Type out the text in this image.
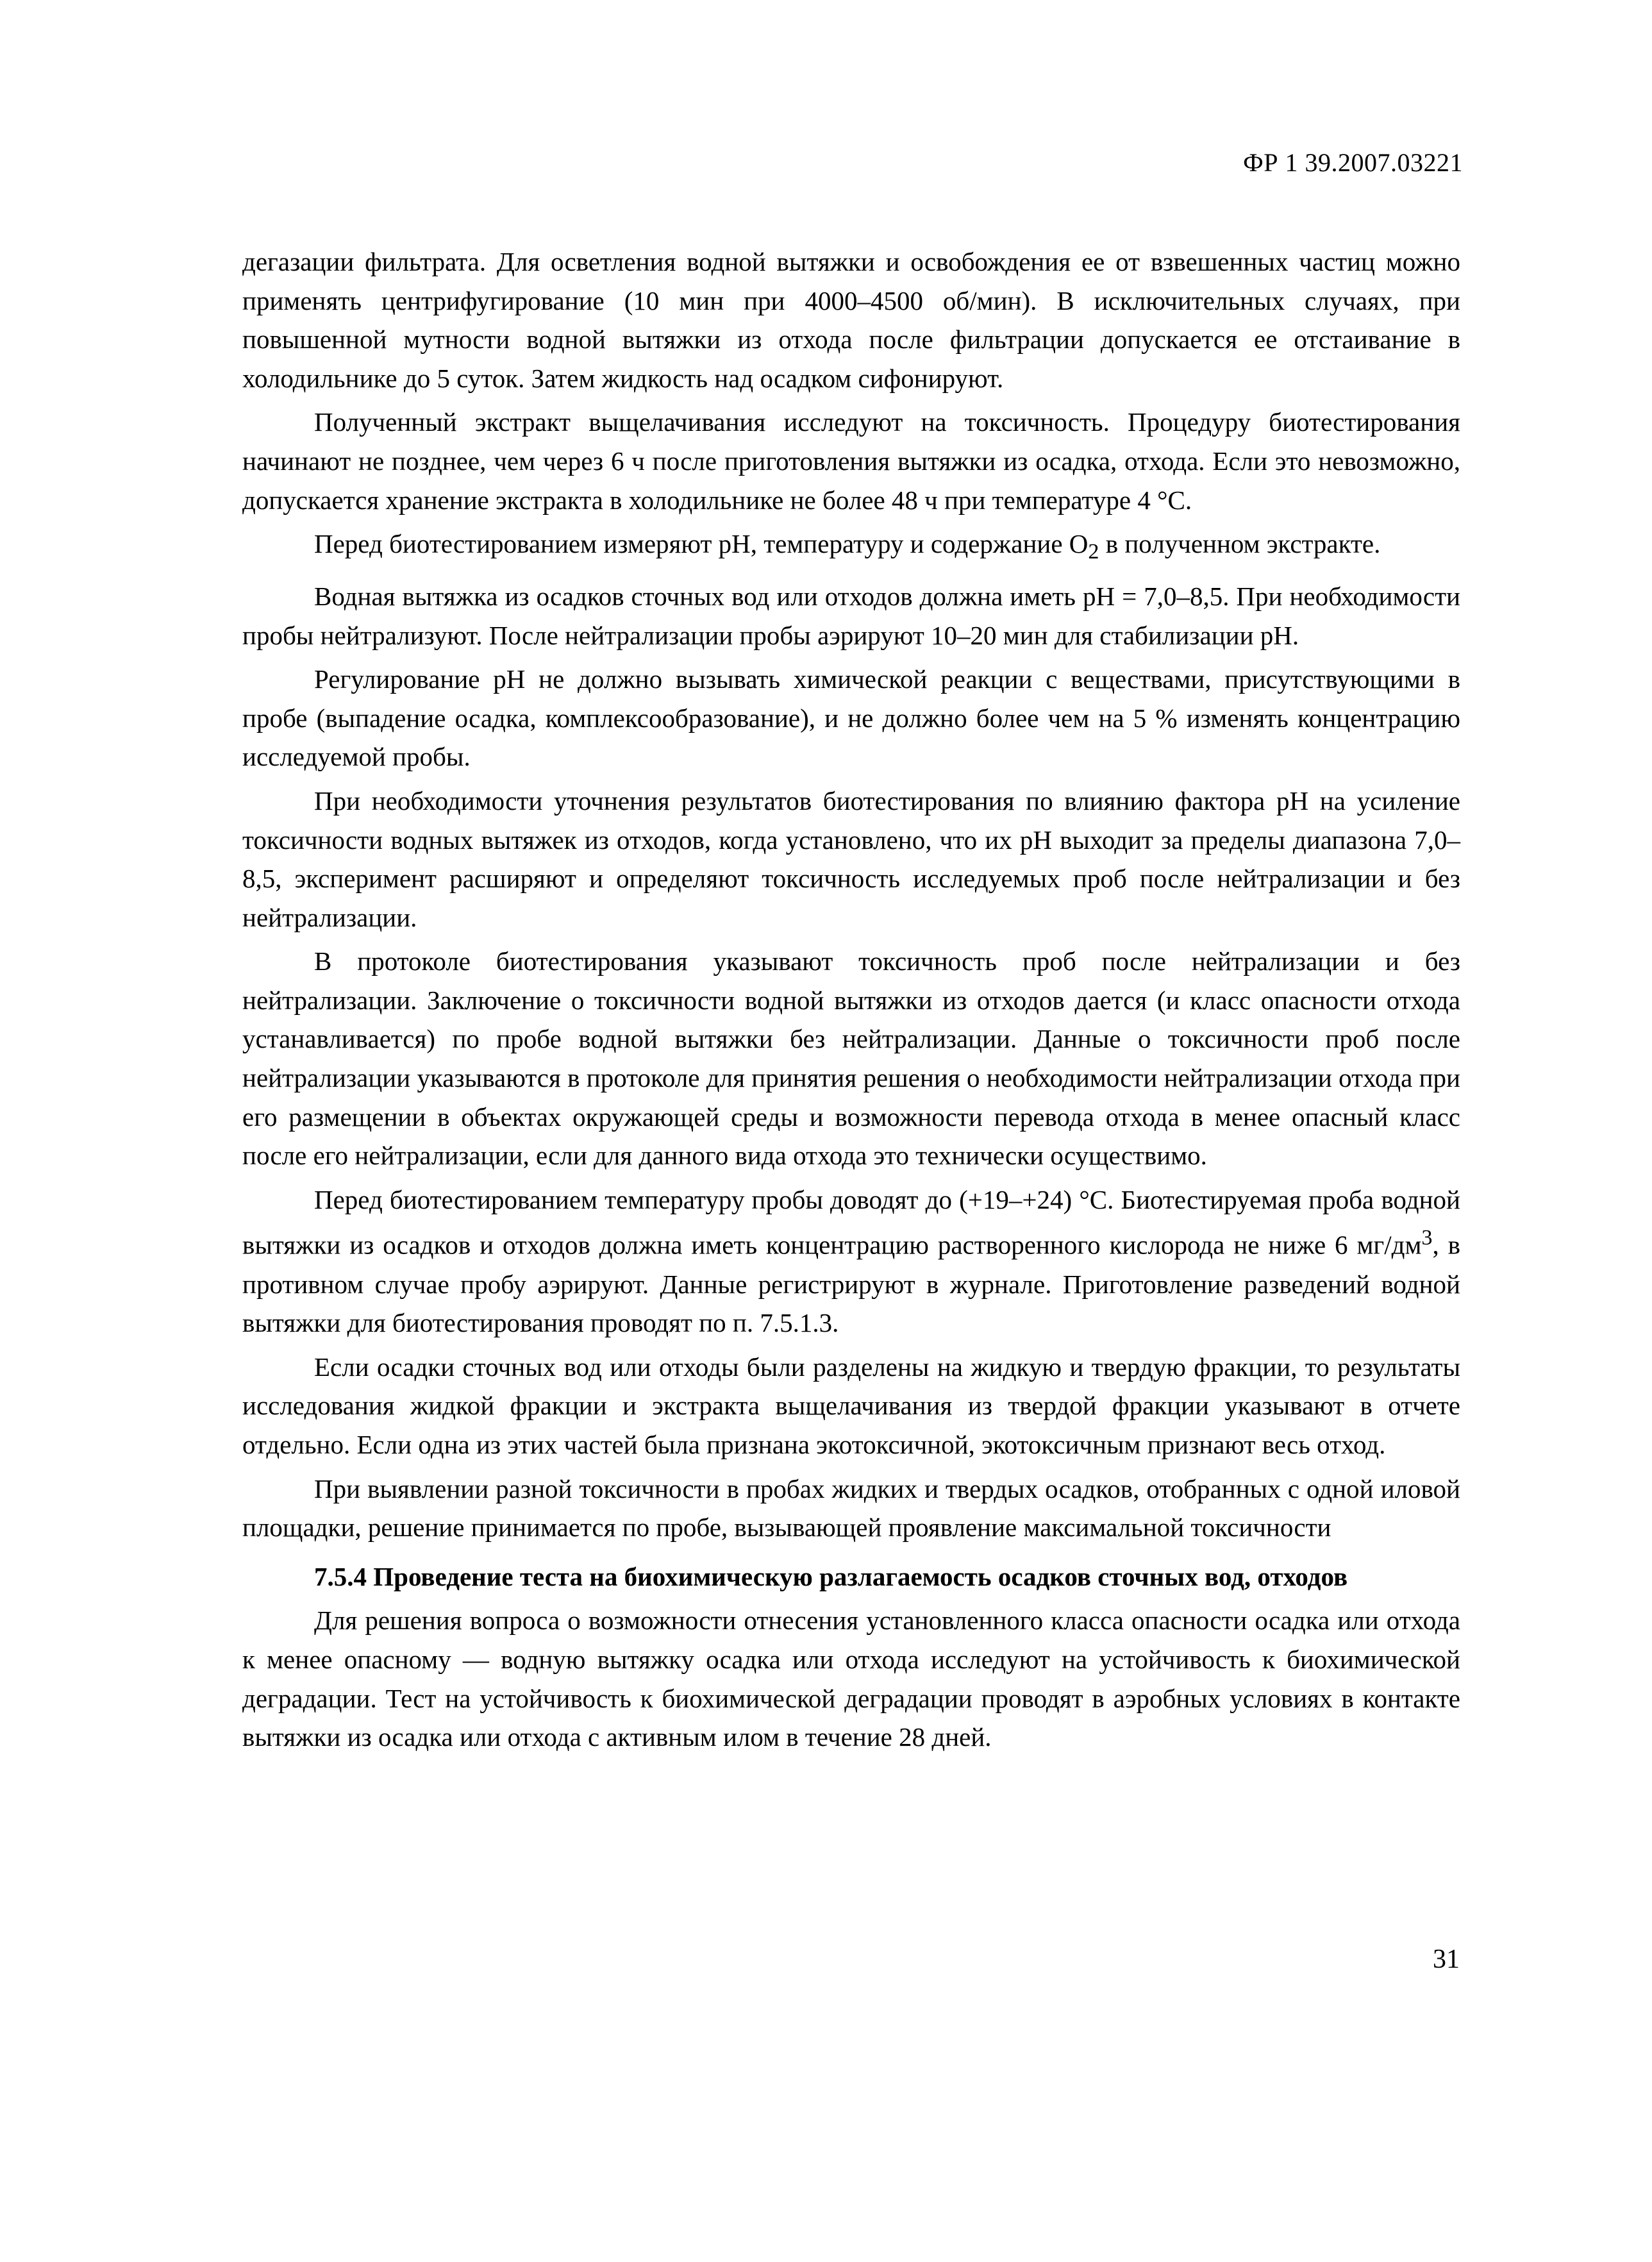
ФР 1 39.2007.03221

дегазации фильтрата. Для осветления водной вытяжки и освобождения ее от взвешенных частиц можно применять центрифугирование (10 мин при 4000–4500 об/мин). В исключительных случаях, при повышенной мутности водной вытяжки из отхода после фильтрации допускается ее отстаивание в холодильнике до 5 суток. Затем жидкость над осадком сифонируют.

Полученный экстракт выщелачивания исследуют на токсичность. Процедуру биотестирования начинают не позднее, чем через 6 ч после приготовления вытяжки из осадка, отхода. Если это невозможно, допускается хранение экстракта в холодильнике не более 48 ч при температуре 4 °С.

Перед биотестированием измеряют pH, температуру и содержание $O_2$ в полученном экстракте.

Водная вытяжка из осадков сточных вод или отходов должна иметь pH = 7,0–8,5. При необходимости пробы нейтрализуют. После нейтрализации пробы аэрируют 10–20 мин для стабилизации pH.

Регулирование pH не должно вызывать химической реакции с веществами, присутствующими в пробе (выпадение осадка, комплексообразование), и не должно более чем на 5 % изменять концентрацию исследуемой пробы.

При необходимости уточнения результатов биотестирования по влиянию фактора pH на усиление токсичности водных вытяжек из отходов, когда установлено, что их pH выходит за пределы диапазона 7,0–8,5, эксперимент расширяют и определяют токсичность исследуемых проб после нейтрализации и без нейтрализации.

В протоколе биотестирования указывают токсичность проб после нейтрализации и без нейтрализации. Заключение о токсичности водной вытяжки из отходов дается (и класс опасности отхода устанавливается) по пробе водной вытяжки без нейтрализации. Данные о токсичности проб после нейтрализации указываются в протоколе для принятия решения о необходимости нейтрализации отхода при его размещении в объектах окружающей среды и возможности перевода отхода в менее опасный класс после его нейтрализации, если для данного вида отхода это технически осуществимо.

Перед биотестированием температуру пробы доводят до (+19–+24) °С. Биотестируемая проба водной вытяжки из осадков и отходов должна иметь концентрацию растворенного кислорода не ниже 6 $мг/дм^3$, в противном случае пробу аэрируют. Данные регистрируют в журнале. Приготовление разведений водной вытяжки для биотестирования проводят по п. 7.5.1.3.

Если осадки сточных вод или отходы были разделены на жидкую и твердую фракции, то результаты исследования жидкой фракции и экстракта выщелачивания из твердой фракции указывают в отчете отдельно. Если одна из этих частей была признана экотоксичной, экотоксичным признают весь отход.

При выявлении разной токсичности в пробах жидких и твердых осадков, отобранных с одной иловой площадки, решение принимается по пробе, вызывающей проявление максимальной токсичности

7.5.4 Проведение теста на биохимическую разлагаемость осадков сточных вод, отходов

Для решения вопроса о возможности отнесения установленного класса опасности осадка или отхода к менее опасному — водную вытяжку осадка или отхода исследуют на устойчивость к биохимической деградации. Тест на устойчивость к биохимической деградации проводят в аэробных условиях в контакте вытяжки из осадка или отхода с активным илом в течение 28 дней.

31
